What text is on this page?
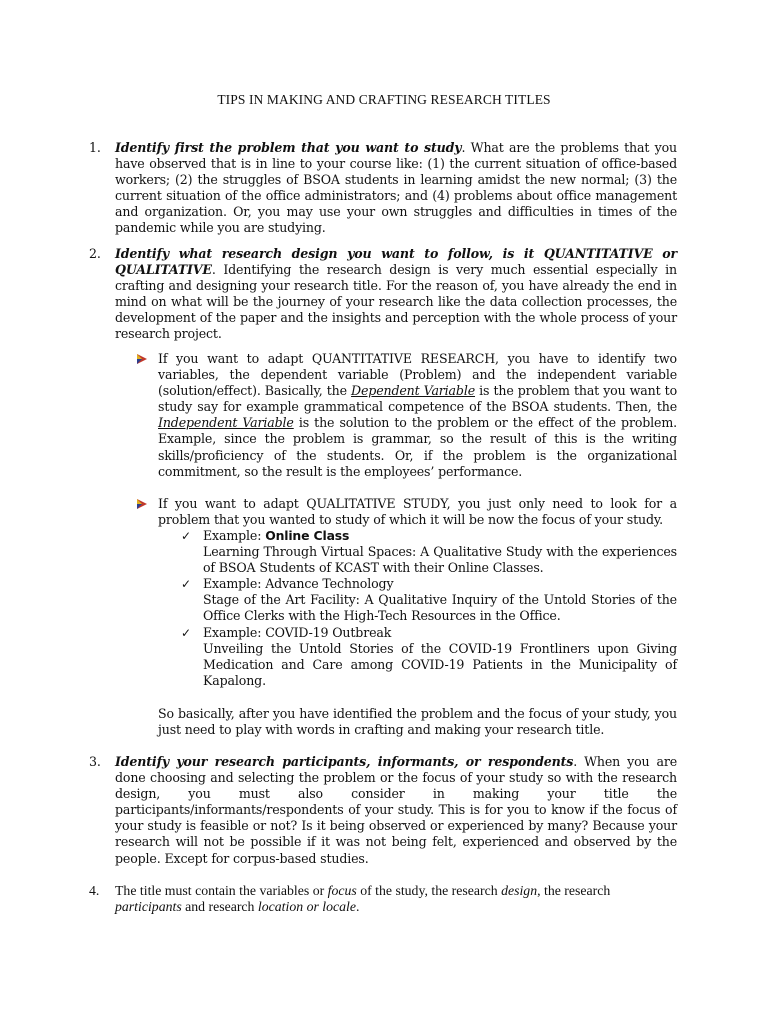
TIPS IN MAKING AND CRAFTING RESEARCH TITLES
1. Identify first the problem that you want to study. What are the problems that you have observed that is in line to your course like: (1) the current situation of office-based workers; (2) the struggles of BSOA students in learning amidst the new normal; (3) the current situation of the office administrators; and (4) problems about office management and organization. Or, you may use your own struggles and difficulties in times of the pandemic while you are studying.
2. Identify what research design you want to follow, is it QUANTITATIVE or QUALITATIVE. Identifying the research design is very much essential especially in crafting and designing your research title. For the reason of, you have already the end in mind on what will be the journey of your research like the data collection processes, the development of the paper and the insights and perception with the whole process of your research project.
If you want to adapt QUANTITATIVE RESEARCH, you have to identify two variables, the dependent variable (Problem) and the independent variable (solution/effect). Basically, the Dependent Variable is the problem that you want to study say for example grammatical competence of the BSOA students. Then, the Independent Variable is the solution to the problem or the effect of the problem. Example, since the problem is grammar, so the result of this is the writing skills/proficiency of the students. Or, if the problem is the organizational commitment, so the result is the employees’ performance.
If you want to adapt QUALITATIVE STUDY, you just only need to look for a problem that you wanted to study of which it will be now the focus of your study.
✓ Example: Online Class
Learning Through Virtual Spaces: A Qualitative Study with the experiences of BSOA Students of KCAST with their Online Classes.
✓ Example: Advance Technology
Stage of the Art Facility: A Qualitative Inquiry of the Untold Stories of the Office Clerks with the High-Tech Resources in the Office.
✓ Example: COVID-19 Outbreak
Unveiling the Untold Stories of the COVID-19 Frontliners upon Giving Medication and Care among COVID-19 Patients in the Municipality of Kapalong.
So basically, after you have identified the problem and the focus of your study, you just need to play with words in crafting and making your research title.
3. Identify your research participants, informants, or respondents. When you are done choosing and selecting the problem or the focus of your study so with the research design, you must also consider in making your title the participants/informants/respondents of your study. This is for you to know if the focus of your study is feasible or not? Is it being observed or experienced by many? Because your research will not be possible if it was not being felt, experienced and observed by the people. Except for corpus-based studies.
4. The title must contain the variables or focus of the study, the research design, the research participants and research location or locale.
